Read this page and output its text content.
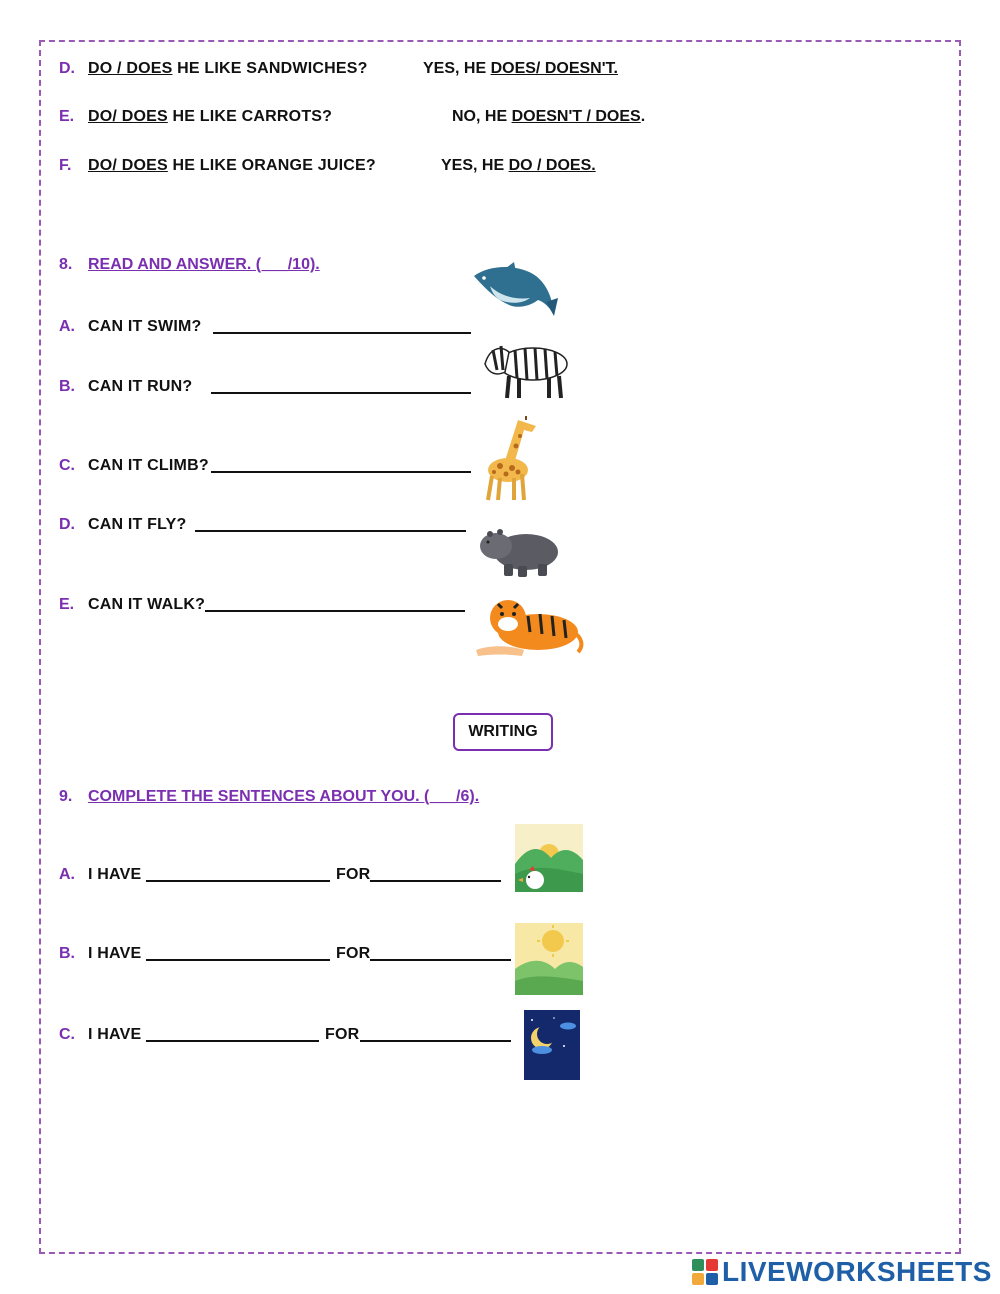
D. DO / DOES HE LIKE SANDWICHES?	YES, HE DOES/ DOESN'T.
E. DO/ DOES HE LIKE CARROTS?	NO, HE DOESN'T / DOES.
F. DO/ DOES HE LIKE ORANGE JUICE?	YES, HE DO / DOES.
8. READ AND ANSWER. (___/10).
A. CAN IT SWIM?
B. CAN IT RUN?
C. CAN IT CLIMB?
D. CAN IT FLY?
E. CAN IT WALK?
WRITING
9. COMPLETE THE SENTENCES ABOUT YOU. (___/6).
A. I HAVE	FOR
B. I HAVE	FOR
C. I HAVE	FOR
LIVEWORKSHEETS
